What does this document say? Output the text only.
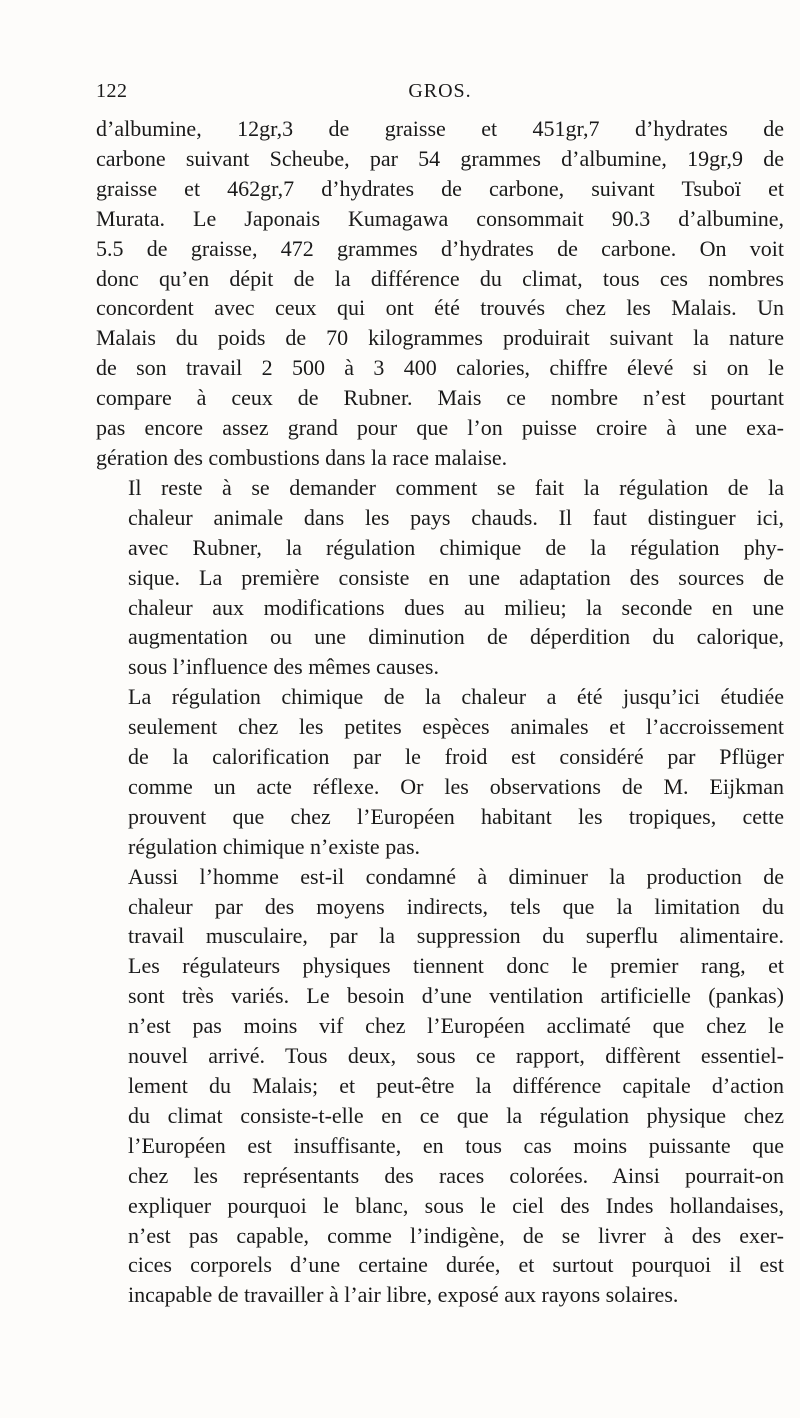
122	GROS.
d’albumine, 12gr,3 de graisse et 451gr,7 d’hydrates de
carbone suivant Scheube, par 54 grammes d’albumine, 19gr,9 de
graisse et 462gr,7 d’hydrates de carbone, suivant Tsuboï et
Murata. Le Japonais Kumagawa consommait 90.3 d’albumine,
5.5 de graisse, 472 grammes d’hydrates de carbone. On voit
donc qu’en dépit de la différence du climat, tous ces nombres
concordent avec ceux qui ont été trouvés chez les Malais. Un
Malais du poids de 70 kilogrammes produirait suivant la nature
de son travail 2 500 à 3 400 calories, chiffre élevé si on le
compare à ceux de Rubner. Mais ce nombre n’est pourtant
pas encore assez grand pour que l’on puisse croire à une exa-
gération des combustions dans la race malaise.
Il reste à se demander comment se fait la régulation de la
chaleur animale dans les pays chauds. Il faut distinguer ici,
avec Rubner, la régulation chimique de la régulation phy-
sique. La première consiste en une adaptation des sources de
chaleur aux modifications dues au milieu; la seconde en une
augmentation ou une diminution de déperdition du calorique,
sous l’influence des mêmes causes.
La régulation chimique de la chaleur a été jusqu’ici étudiée
seulement chez les petites espèces animales et l’accroissement
de la calorification par le froid est considéré par Pflüger
comme un acte réflexe. Or les observations de M. Eijkman
prouvent que chez l’Européen habitant les tropiques, cette
régulation chimique n’existe pas.
Aussi l’homme est-il condamné à diminuer la production de
chaleur par des moyens indirects, tels que la limitation du
travail musculaire, par la suppression du superflu alimentaire.
Les régulateurs physiques tiennent donc le premier rang, et
sont très variés. Le besoin d’une ventilation artificielle (pankas)
n’est pas moins vif chez l’Européen acclimaté que chez le
nouvel arrivé. Tous deux, sous ce rapport, diffèrent essentiel-
lement du Malais; et peut-être la différence capitale d’action
du climat consiste-t-elle en ce que la régulation physique chez
l’Européen est insuffisante, en tous cas moins puissante que
chez les représentants des races colorées. Ainsi pourrait-on
expliquer pourquoi le blanc, sous le ciel des Indes hollandaises,
n’est pas capable, comme l’indigène, de se livrer à des exer-
cices corporels d’une certaine durée, et surtout pourquoi il est
incapable de travailler à l’air libre, exposé aux rayons solaires.
